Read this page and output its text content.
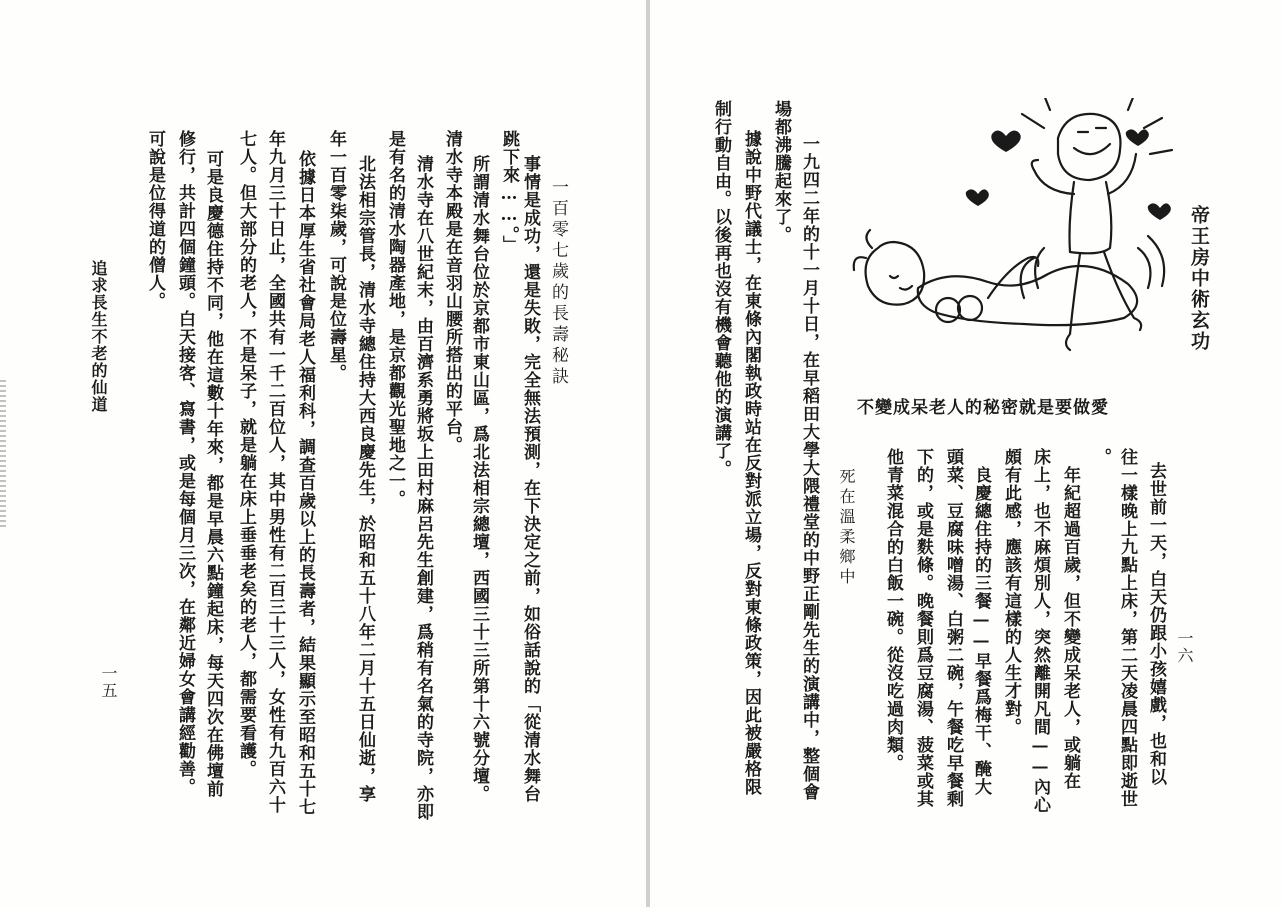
追求長生不老的仙道
一五
一百零七歲的長壽秘訣
事情是成功，還是失敗，完全無法預測，在下決定之前，如俗話說的「從清水舞台
跳下來……。」
所謂清水舞台位於京都市東山區，爲北法相宗總壇，西國三十三所第十六號分壇。
清水寺本殿是在音羽山腰所搭出的平台。
清水寺在八世紀末，由百濟系勇將坂上田村麻呂先生創建，爲稍有名氣的寺院，亦即
是有名的清水陶器產地，是京都觀光聖地之一。
北法相宗管長，清水寺總住持大西良慶先生，於昭和五十八年二月十五日仙逝，享
年一百零柒歲，可說是位壽星。
依據日本厚生省社會局老人福利科，調查百歲以上的長壽者，結果顯示至昭和五十七
年九月三十日止，全國共有一千二百位人，其中男性有二百三十三人，女性有九百六十
七人。但大部分的老人，不是呆子，就是躺在床上垂垂老矣的老人，都需要看護。
可是良慶德住持不同，他在這數十年來，都是早晨六點鐘起床，每天四次在佛壇前
修行，共計四個鐘頭。白天接客、寫書，或是每個月三次，在鄰近婦女會講經勸善。
可說是位得道的僧人。	帝王房中術玄功
不變成呆老人的秘密就是要做愛
一九四二年的十一月十日，在早稻田大學大隈禮堂的中野正剛先生的演講中，整個會
場都沸騰起來了。
據說中野代議士，在東條內閣執政時站在反對派立場，反對東條政策，因此被嚴格限
制行動自由。以後再也沒有機會聽他的演講了。
死在溫柔鄉中
一六
去世前一天，白天仍跟小孩嬉戲，也和以
往一樣晚上九點上床，第二天凌晨四點即逝世
。
年紀超過百歲，但不變成呆老人，或躺在
床上，也不麻煩別人，突然離開凡間——內心
頗有此感，應該有這樣的人生才對。
良慶總住持的三餐——早餐爲梅干、醃大
頭菜、豆腐味噌湯、白粥二碗，午餐吃早餐剩
下的，或是麩條。晚餐則爲豆腐湯、菠菜或其
他青菜混合的白飯一碗。從沒吃過肉類。
